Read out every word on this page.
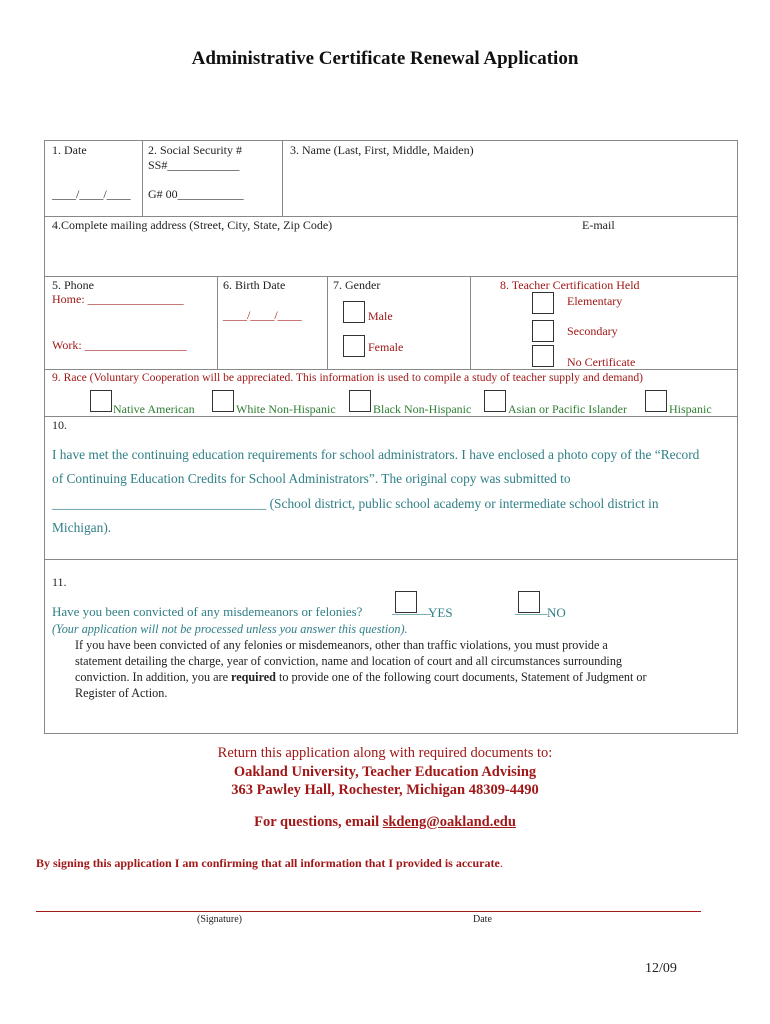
Administrative Certificate Renewal Application
1. Date
____/____/____
2. Social Security #
SS#____________
G# 00___________
3. Name (Last, First, Middle, Maiden)
4.Complete mailing address (Street, City, State, Zip Code)	E-mail
5. Phone
Home: ________________
Work: _________________
6. Birth Date
____/____/____
7. Gender
Male
Female
8. Teacher Certification Held
Elementary
Secondary
No Certificate
9. Race (Voluntary Cooperation will be appreciated. This information is used to compile a study of teacher supply and demand)
Native American	White Non-Hispanic	Black Non-Hispanic	Asian or Pacific Islander	Hispanic
10.
I have met the continuing education requirements for school administrators. I have enclosed a photo copy of the “Record
of Continuing Education Credits for School Administrators”. The original copy was submitted to
________________________________ (School district, public school academy or intermediate school district in
Michigan).
11.
Have you been convicted of any misdemeanors or felonies? ______
YES	_____ NO
(Your application will not be processed unless you answer this question).
If you have been convicted of any felonies or misdemeanors, other than traffic violations, you must provide a
statement detailing the charge, year of conviction, name and location of court and all circumstances surrounding
conviction. In addition, you are required to provide one of the following court documents, Statement of Judgment or
Register of Action.
Return this application along with required documents to:
Oakland University, Teacher Education Advising
363 Pawley Hall, Rochester, Michigan 48309-4490
For questions, email skdeng@oakland.edu
By signing this application I am confirming that all information that I provided is accurate.
(Signature)	Date
12/09
